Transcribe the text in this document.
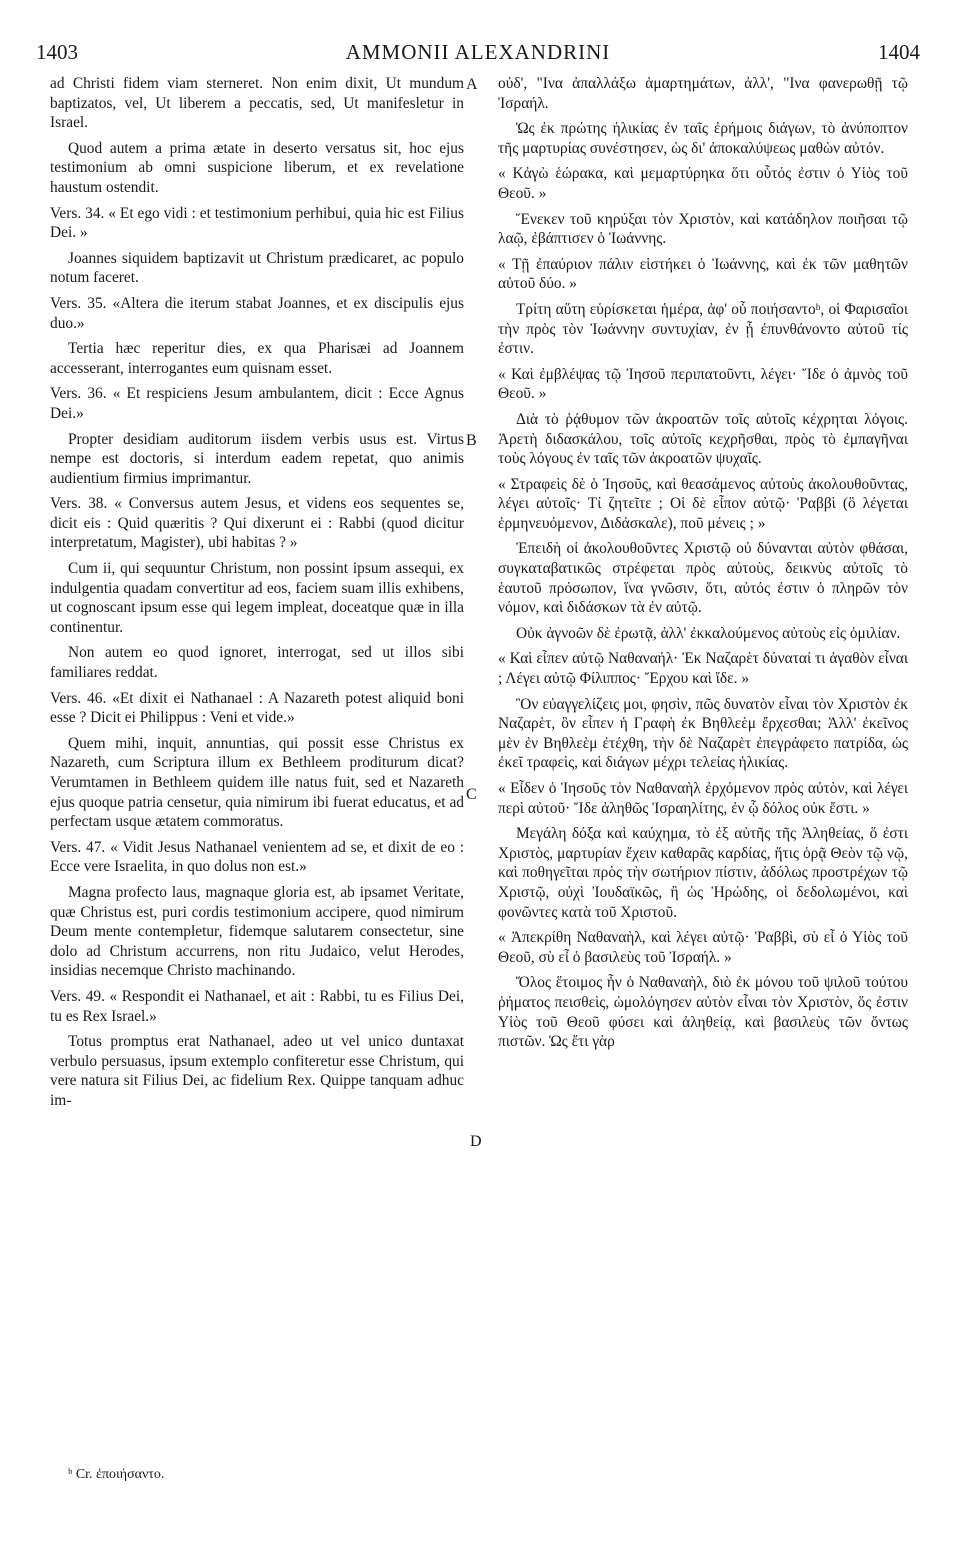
1403	AMMONII ALEXANDRINI	1404

ad Christi fidem viam sterneret. Non enim dixit, Ut mundum baptizatos, vel, Ut liberem a peccatis, sed, Ut manifesletur in Israel.

Quod autem a prima ætate in deserto versatus sit, hoc ejus testimonium ab omni suspicione liberum, et ex revelatione haustum ostendit.

Vers. 34. « Et ego vidi : et testimonium perhibui, quia hic est Filius Dei. »

Joannes siquidem baptizavit ut Christum prædicaret, ac populo notum faceret.

Vers. 35. «Altera die iterum stabat Joannes, et ex discipulis ejus duo.»

Tertia hæc reperitur dies, ex qua Pharisæi ad Joannem accesserant, interrogantes eum quisnam esset.

Vers. 36. « Et respiciens Jesum ambulantem, dicit : Ecce Agnus Dei.»

Propter desidiam auditorum iisdem verbis usus est. Virtus nempe est doctoris, si interdum eadem repetat, quo animis audientium firmius imprimantur.

Vers. 38. « Conversus autem Jesus, et videns eos sequentes se, dicit eis : Quid quæritis ? Qui dixerunt ei : Rabbi (quod dicitur interpretatum, Magister), ubi habitas ? »

Cum ii, qui sequuntur Christum, non possint ipsum assequi, ex indulgentia quadam convertitur ad eos, faciem suam illis exhibens, ut cognoscant ipsum esse qui legem impleat, doceatque quæ in illa continentur.

Non autem eo quod ignoret, interrogat, sed ut illos sibi familiares reddat.

Vers. 46. «Et dixit ei Nathanael : A Nazareth potest aliquid boni esse ? Dicit ei Philippus : Veni et vide.»

Quem mihi, inquit, annuntias, qui possit esse Christus ex Nazareth, cum Scriptura illum ex Bethleem proditurum dicat? Verumtamen in Bethleem quidem ille natus fuit, sed et Nazareth ejus quoque patria censetur, quia nimirum ibi fuerat educatus, et ad perfectam usque ætatem commoratus.

Vers. 47. « Vidit Jesus Nathanael venientem ad se, et dixit de eo : Ecce vere Israelita, in quo dolus non est.»

Magna profecto laus, magnaque gloria est, ab ipsamet Veritate, quæ Christus est, puri cordis testimonium accipere, quod nimirum Deum mente contempletur, fidemque salutarem consectetur, sine dolo ad Christum accurrens, non ritu Judaico, velut Herodes, insidias necemque Christo machinando.

Vers. 49. « Respondit ei Nathanael, et ait : Rabbi, tu es Filius Dei, tu es Rex Israel.»

Totus promptus erat Nathanael, adeo ut vel unico duntaxat verbulo persuasus, ipsum extemplo confiteretur esse Christum, qui vere natura sit Filius Dei, ac fidelium Rex. Quippe tanquam adhuc im-

A
B
C
D

οὐδ', "Ινα ἀπαλλάξω ἁμαρτημάτων, ἀλλ', "Ινα φανερωθῇ τῷ Ἰσραήλ.

Ὡς ἐκ πρώτης ἡλικίας ἐν ταῖς ἐρήμοις διάγων, τὸ ἀνύποπτον τῆς μαρτυρίας συνέστησεν, ὡς δι' ἀποκαλύψεως μαθὼν αὐτόν.

« Κἀγὼ ἑώρακα, καὶ μεμαρτύρηκα ὅτι οὗτός ἐστιν ὁ Υἱὸς τοῦ Θεοῦ. »

Ἕνεκεν τοῦ κηρύξαι τὸν Χριστὸν, καὶ κατάδηλον ποιῆσαι τῷ λαῷ, ἐβάπτισεν ὁ Ἰωάννης.

« Τῇ ἐπαύριον πάλιν εἱστήκει ὁ Ἰωάννης, καὶ ἐκ τῶν μαθητῶν αὐτοῦ δύο. »

Τρίτη αὕτη εὑρίσκεται ἡμέρα, ἀφ' οὗ ποιήσαντοᵇ, οἱ Φαρισαῖοι τὴν πρὸς τὸν Ἰωάννην συντυχίαν, ἐν ᾗ ἐπυνθάνοντο αὐτοῦ τίς ἐστιν.

« Καὶ ἐμβλέψας τῷ Ἰησοῦ περιπατοῦντι, λέγει· Ἴδε ὁ ἀμνὸς τοῦ Θεοῦ. »

Διὰ τὸ ῥᾴθυμον τῶν ἀκροατῶν τοῖς αὐτοῖς κέχρηται λόγοις. Ἀρετὴ διδασκάλου, τοῖς αὐτοῖς κεχρῆσθαι, πρὸς τὸ ἐμπαγῆναι τοὺς λόγους ἐν ταῖς τῶν ἀκροατῶν ψυχαῖς.

« Στραφεὶς δὲ ὁ Ἰησοῦς, καὶ θεασάμενος αὐτοὺς ἀκολουθοῦντας, λέγει αὐτοῖς· Τί ζητεῖτε ; Οἱ δὲ εἶπον αὐτῷ· Ῥαββὶ (ὃ λέγεται ἑρμηνευόμενον, Διδάσκαλε), ποῦ μένεις ; »

Ἐπειδὴ οἱ ἀκολουθοῦντες Χριστῷ οὐ δύνανται αὐτὸν φθάσαι, συγκαταβατικῶς στρέφεται πρὸς αὐτοὺς, δεικνὺς αὐτοῖς τὸ ἑαυτοῦ πρόσωπον, ἵνα γνῶσιν, ὅτι, αὐτός ἐστιν ὁ πληρῶν τὸν νόμον, καὶ διδάσκων τὰ ἐν αὐτῷ.

Οὐκ ἀγνοῶν δὲ ἐρωτᾷ, ἀλλ' ἐκκαλούμενος αὐτοὺς εἰς ὁμιλίαν.

« Καὶ εἶπεν αὐτῷ Ναθαναήλ· Ἐκ Ναζαρὲτ δύναταί τι ἀγαθὸν εἶναι ; Λέγει αὐτῷ Φίλιππος· Ἔρχου καὶ ἴδε. »

Ὃν εὐαγγελίζεις μοι, φησὶν, πῶς δυνατὸν εἶναι τὸν Χριστὸν ἐκ Ναζαρὲτ, ὃν εἶπεν ἡ Γραφὴ ἐκ Βηθλεὲμ ἔρχεσθαι; Ἀλλ' ἐκεῖνος μὲν ἐν Βηθλεὲμ ἐτέχθη, τὴν δὲ Ναζαρὲτ ἐπεγράφετο πατρίδα, ὡς ἐκεῖ τραφεὶς, καὶ διάγων μέχρι τελείας ἡλικίας.

« Εἶδεν ὁ Ἰησοῦς τὸν Ναθαναὴλ ἐρχόμενον πρὸς αὐτὸν, καὶ λέγει περὶ αὐτοῦ· Ἴδε ἀληθῶς Ἰσραηλίτης, ἐν ᾧ δόλος οὐκ ἔστι. »

Μεγάλη δόξα καὶ καύχημα, τὸ ἐξ αὐτῆς τῆς Ἀληθείας, ὅ ἐστι Χριστὸς, μαρτυρίαν ἔχειν καθαρᾶς καρδίας, ἥτις ὁρᾷ Θεὸν τῷ νῷ, καὶ ποθηγεῖται πρὸς τὴν σωτήριον πίστιν, ἀδόλως προστρέχων τῷ Χριστῷ, οὐχὶ Ἰουδαϊκῶς, ἢ ὡς Ἡρώδης, οἱ δεδολωμένοι, καὶ φονῶντες κατὰ τοῦ Χριστοῦ.

« Ἀπεκρίθη Ναθαναὴλ, καὶ λέγει αὐτῷ· Ῥαββὶ, σὺ εἶ ὁ Υἱὸς τοῦ Θεοῦ, σὺ εἶ ὁ βασιλεὺς τοῦ Ἰσραήλ. »

Ὅλος ἕτοιμος ἦν ὁ Ναθαναὴλ, διὸ ἐκ μόνου τοῦ ψιλοῦ τούτου ῥήματος πεισθεὶς, ὡμολόγησεν αὐτὸν εἶναι τὸν Χριστὸν, ὅς ἐστιν Υἱὸς τοῦ Θεοῦ φύσει καὶ ἀληθείᾳ, καὶ βασιλεὺς τῶν ὄντως πιστῶν. Ὡς ἔτι γὰρ

ᵇ Cr. ἐποιήσαντο.
